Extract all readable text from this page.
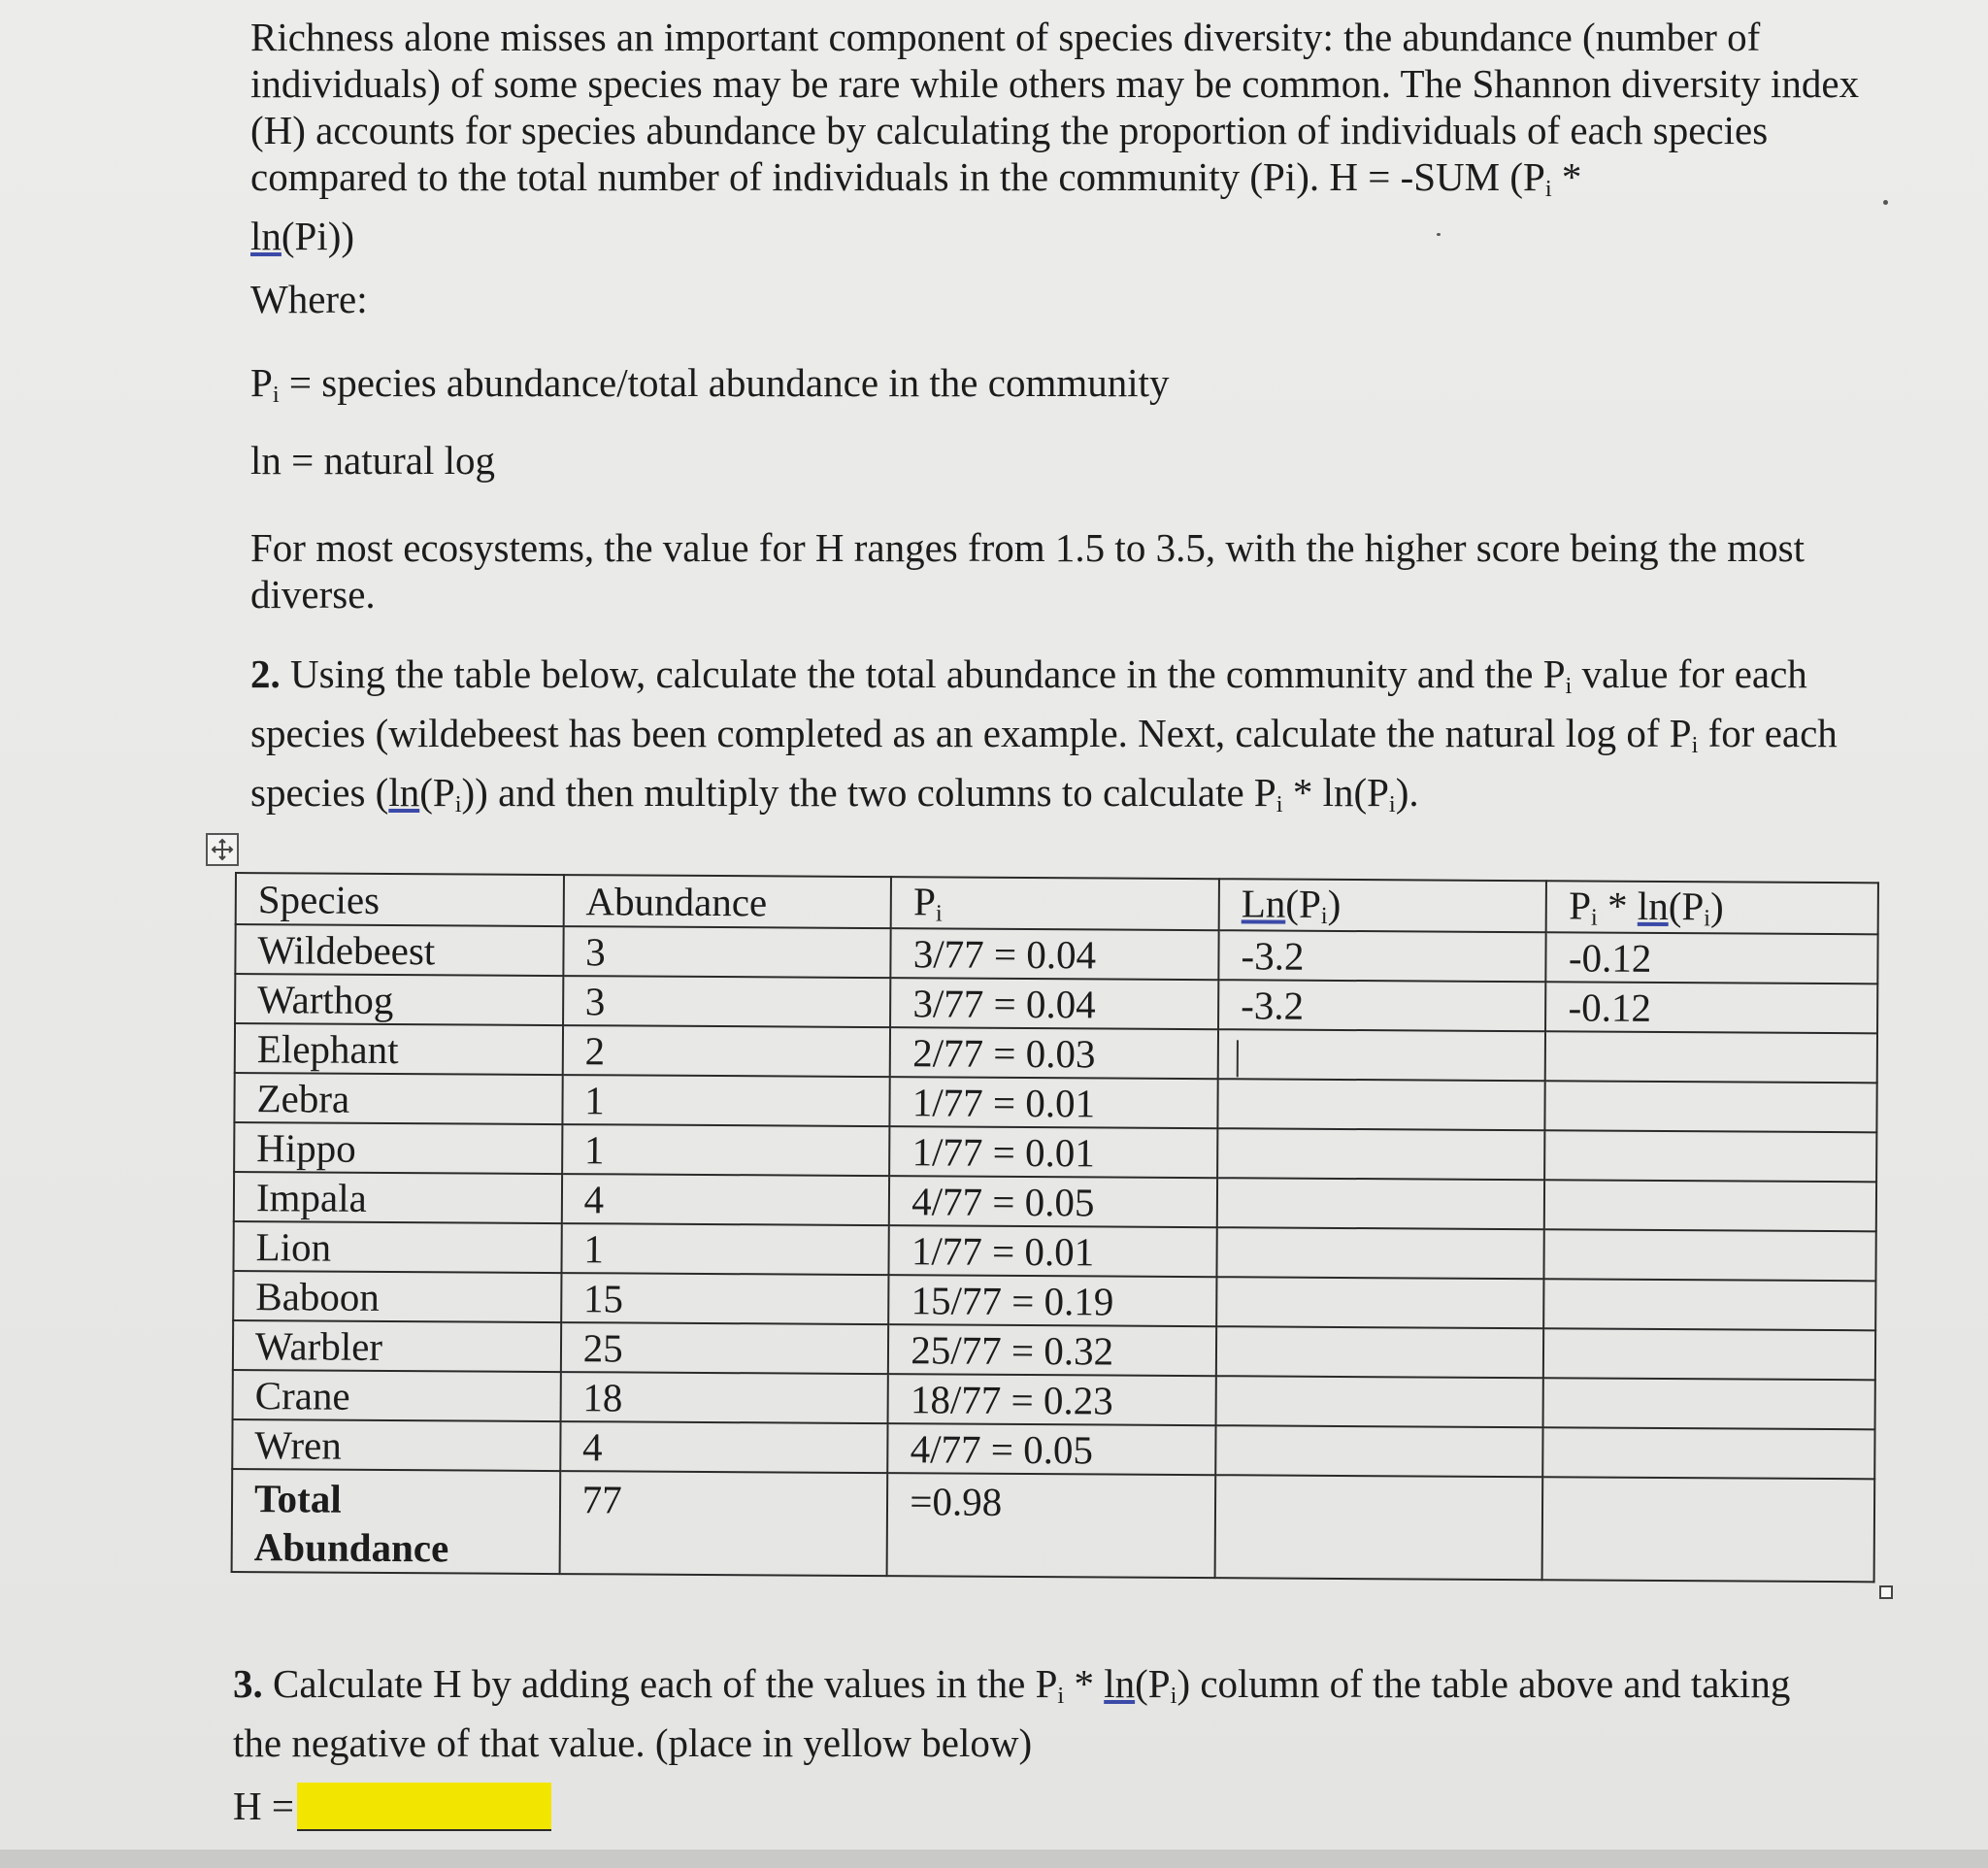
Richness alone misses an important component of species diversity: the abundance (number of individuals) of some species may be rare while others may be common. The Shannon diversity index (H) accounts for species abundance by calculating the proportion of individuals of each species compared to the total number of individuals in the community (Pi). H = -SUM ($P_i$ *
ln(Pi))

Where:

$P_i$ = species abundance/total abundance in the community

ln = natural log

For most ecosystems, the value for H ranges from 1.5 to 3.5, with the higher score being the most diverse.

2. Using the table below, calculate the total abundance in the community and the $P_i$ value for each species (wildebeest has been completed as an example. Next, calculate the natural log of $P_i$ for each species $(\ln(P_i))$ and then multiply the two columns to calculate $P_i * \ln(P_i)$.

Species	Abundance	$P_i$	$Ln(P_i)$	$P_i * \ln(P_i)$
Wildebeest	3	3/77 = 0.04	-3.2	-0.12
Warthog	3	3/77 = 0.04	-3.2	-0.12
Elephant	2	2/77 = 0.03		
Zebra	1	1/77 = 0.01		
Hippo	1	1/77 = 0.01		
Impala	4	4/77 = 0.05		
Lion	1	1/77 = 0.01		
Baboon	15	15/77 = 0.19		
Warbler	25	25/77 = 0.32		
Crane	18	18/77 = 0.23		
Wren	4	4/77 = 0.05		
Total
Abundance	77	=0.98		

3. Calculate H by adding each of the values in the $P_i * \ln(P_i)$ column of the table above and taking the negative of that value. (place in yellow below)

H =
